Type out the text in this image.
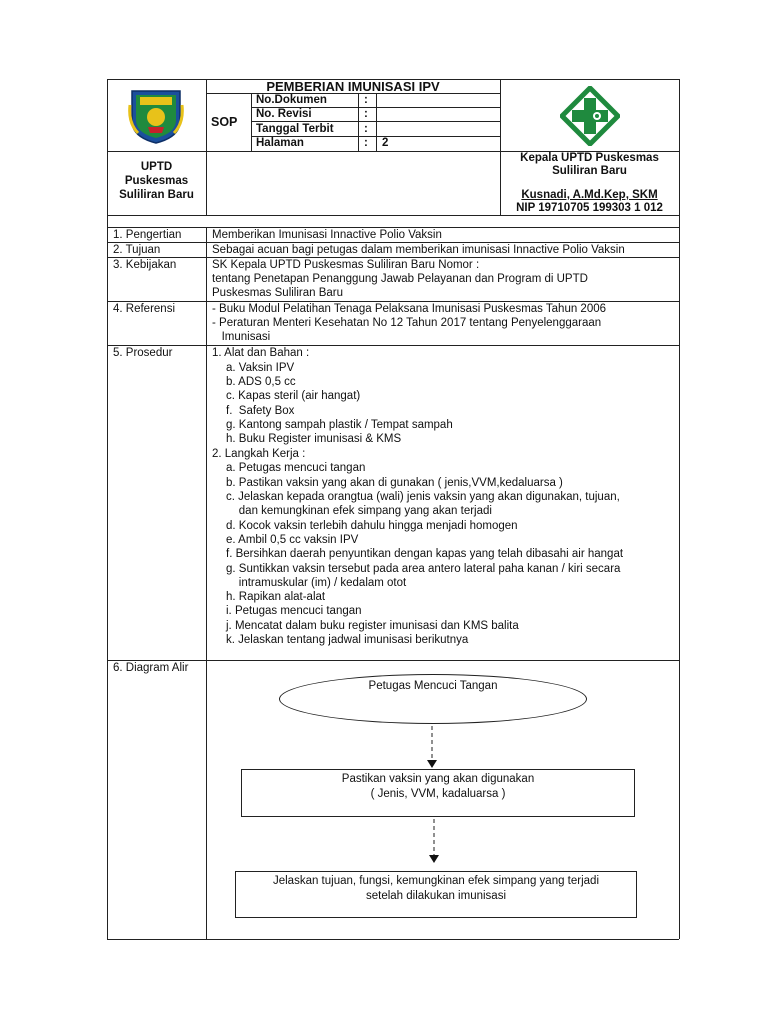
PEMBERIAN IMUNISASI IPV
SOP
No.Dokumen	:
No. Revisi	:
Tanggal Terbit	:
Halaman	: 2
UPTD
Puskesmas
Suliliran Baru
Kepala UPTD Puskesmas
Suliliran Baru
Kusnadi, A.Md.Kep, SKM
NIP 19710705 199303 1 012
1. Pengertian	Memberikan Imunisasi Innactive Polio Vaksin
2. Tujuan	Sebagai acuan bagi petugas dalam memberikan imunisasi Innactive Polio Vaksin
3. Kebijakan	SK Kepala UPTD Puskesmas Suliliran Baru Nomor :
tentang Penetapan Penanggung Jawab Pelayanan dan Program di UPTD
Puskesmas Suliliran Baru
4. Referensi	- Buku Modul Pelatihan Tenaga Pelaksana Imunisasi Puskesmas Tahun 2006
- Peraturan Menteri Kesehatan No 12 Tahun 2017 tentang Penyelenggaraan
Imunisasi
5. Prosedur	1. Alat dan Bahan :
a. Vaksin IPV
b. ADS 0,5 cc
c. Kapas steril (air hangat)
f.  Safety Box
g. Kantong sampah plastik / Tempat sampah
h. Buku Register imunisasi & KMS
2. Langkah Kerja :
a. Petugas mencuci tangan
b. Pastikan vaksin yang akan di gunakan ( jenis,VVM,kedaluarsa )
c. Jelaskan kepada orangtua (wali) jenis vaksin yang akan digunakan, tujuan,
dan kemungkinan efek simpang yang akan terjadi
d. Kocok vaksin terlebih dahulu hingga menjadi homogen
e. Ambil 0,5 cc vaksin IPV
f. Bersihkan daerah penyuntikan dengan kapas yang telah dibasahi air hangat
g. Suntikkan vaksin tersebut pada area antero lateral paha kanan / kiri secara
intramuskular (im) / kedalam otot
h. Rapikan alat-alat
i. Petugas mencuci tangan
j. Mencatat dalam buku register imunisasi dan KMS balita
k. Jelaskan tentang jadwal imunisasi berikutnya
6. Diagram Alir
Petugas Mencuci Tangan
Pastikan vaksin yang akan digunakan
( Jenis, VVM, kadaluarsa )
Jelaskan tujuan, fungsi, kemungkinan efek simpang yang terjadi
setelah dilakukan imunisasi
